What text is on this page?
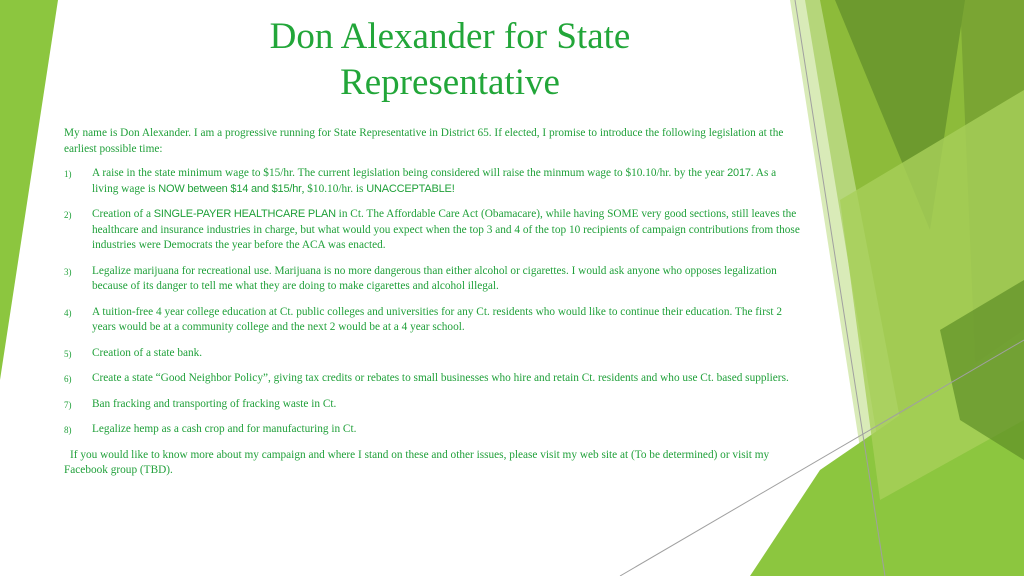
Don Alexander for State
Representative

My name is Don Alexander. I am a progressive running for State Representative in District 65. If elected, I promise to introduce the following legislation at the earliest possible time:

1) A raise in the state minimum wage to $15/hr. The current legislation being considered will raise the minmum wage to $10.10/hr. by the year 2017. As a living wage is NOW between $14 and $15/hr, $10.10/hr. is UNACCEPTABLE!
2) Creation of a SINGLE-PAYER HEALTHCARE PLAN in Ct. The Affordable Care Act (Obamacare), while having SOME very good sections, still leaves the healthcare and insurance industries in charge, but what would you expect when the top 3 and 4 of the top 10 recipients of campaign contributions from those industries were Democrats the year before the ACA was enacted.
3) Legalize marijuana for recreational use. Marijuana is no more dangerous than either alcohol or cigarettes. I would ask anyone who opposes legalization because of its danger to tell me what they are doing to make cigarettes and alcohol illegal.
4) A tuition-free 4 year college education at Ct. public colleges and universities for any Ct. residents who would like to continue their education. The first 2 years would be at a community college and the next 2 would be at a 4 year school.
5) Creation of a state bank.
6) Create a state “Good Neighbor Policy”, giving tax credits or rebates to small businesses who hire and retain Ct. residents and who use Ct. based suppliers.
7) Ban fracking and transporting of fracking waste in Ct.
8) Legalize hemp as a cash crop and for manufacturing in Ct.

If you would like to know more about my campaign and where I stand on these and other issues, please visit my web site at (To be determined) or visit my Facebook group (TBD).
